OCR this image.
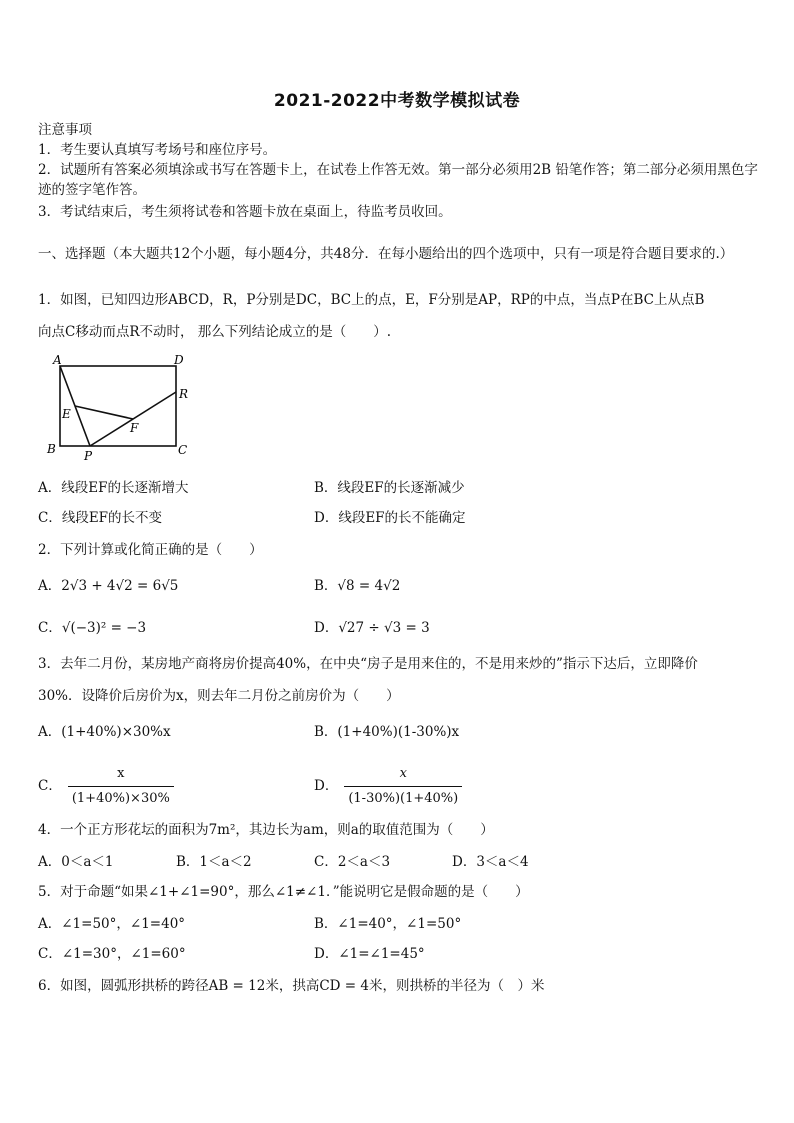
2021-2022中考数学模拟试卷
注意事项
1．考生要认真填写考场号和座位序号。
2．试题所有答案必须填涂或书写在答题卡上，在试卷上作答无效。第一部分必须用2B 铅笔作答；第二部分必须用黑色字迹的签字笔作答。
3．考试结束后，考生须将试卷和答题卡放在桌面上，待监考员收回。
一、选择题（本大题共12个小题，每小题4分，共48分．在每小题给出的四个选项中，只有一项是符合题目要求的.）
1．如图，已知四边形ABCD，R，P分别是DC，BC上的点，E，F分别是AP，RP的中点，当点P在BC上从点B
向点C移动而点R不动时， 那么下列结论成立的是（　　）.
A	D
R
E
F
B P	C
A．线段EF的长逐渐增大	B．线段EF的长逐渐减少
C．线段EF的长不变	D．线段EF的长不能确定
2．下列计算或化简正确的是（　　）
A．2√3 + 4√2 = 6√5	B．√8 = 4√2
C．√(−3)² = −3	D．√27 ÷ √3 = 3
3．去年二月份，某房地产商将房价提高40%，在中央“房子是用来住的，不是用来炒的”指示下达后，立即降价
30%．设降价后房价为x，则去年二月份之前房价为（　　）
A．(1+40%)×30%x	B．(1+40%)(1-30%)x
C． $\frac{x}{(1+40\%)\times 30\%}$	D． $\frac{x}{(1-30\%)(1+40\%)}$
4．一个正方形花坛的面积为7m²，其边长为am，则a的取值范围为（　　）
A．0＜a＜1	B．1＜a＜2	C．2＜a＜3	D．3＜a＜4
5．对于命题“如果∠1+∠1=90°，那么∠1≠∠1．”能说明它是假命题的是（　　）
A．∠1=50°，∠1=40°	B．∠1=40°，∠1=50°
C．∠1=30°，∠1=60°	D．∠1=∠1=45°
6．如图，圆弧形拱桥的跨径AB = 12米，拱高CD = 4米，则拱桥的半径为（　）米
